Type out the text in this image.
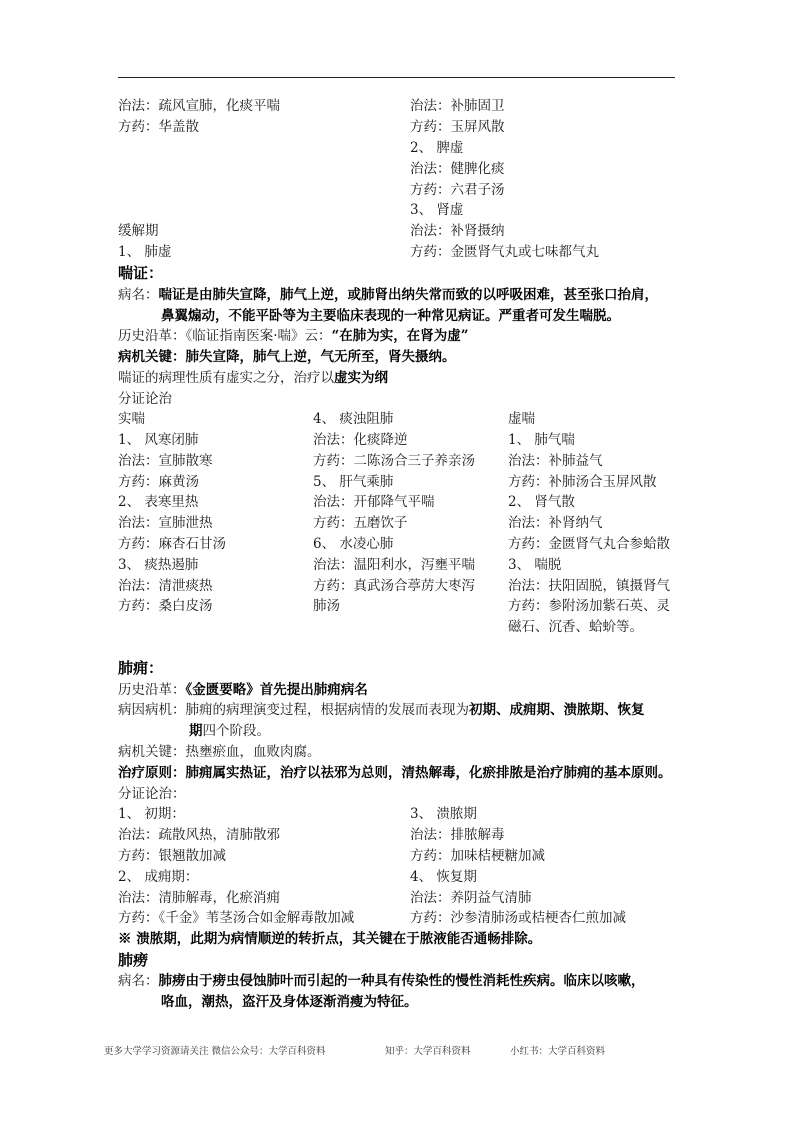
治法：疏风宣肺，化痰平喘
方药：华盖散
缓解期
1、 肺虚
治法：补肺固卫
方药：玉屏风散
2、 脾虚
治法：健脾化痰
方药：六君子汤
3、 肾虚
治法：补肾摄纳
方药：金匮肾气丸或七味都气丸
喘证：
病名：喘证是由肺失宣降，肺气上逆，或肺肾出纳失常而致的以呼吸困难，甚至张口抬肩，
鼻翼煽动，不能平卧等为主要临床表现的一种常见病证。严重者可发生喘脱。
历史沿革：《临证指南医案·喘》云：“在肺为实，在肾为虚”
病机关键：肺失宣降，肺气上逆，气无所至，肾失摄纳。
喘证的病理性质有虚实之分，治疗以虚实为纲
分证论治
实喘
1、 风寒闭肺
治法：宣肺散寒
方药：麻黄汤
2、 表寒里热
治法：宣肺泄热
方药：麻杏石甘汤
3、 痰热遏肺
治法：清泄痰热
方药：桑白皮汤
4、 痰浊阻肺
治法：化痰降逆
方药：二陈汤合三子养亲汤
5、 肝气乘肺
治法：开郁降气平喘
方药：五磨饮子
6、 水凌心肺
治法：温阳利水，泻壅平喘
方药：真武汤合葶苈大枣泻
肺汤
虚喘
1、 肺气喘
治法：补肺益气
方药：补肺汤合玉屏风散
2、 肾气散
治法：补肾纳气
方药：金匮肾气丸合参蛤散
3、 喘脱
治法：扶阳固脱，镇摄肾气
方药：参附汤加紫石英、灵
磁石、沉香、蛤蚧等。
肺痈：
历史沿革：《金匮要略》首先提出肺痈病名
病因病机：肺痈的病理演变过程，根据病情的发展而表现为初期、成痈期、溃脓期、恢复
期四个阶段。
病机关键：热壅瘀血，血败肉腐。
治疗原则：肺痈属实热证，治疗以祛邪为总则，清热解毒，化瘀排脓是治疗肺痈的基本原则。
分证论治：
1、 初期：
治法：疏散风热，清肺散邪
方药：银翘散加减
2、 成痈期：
治法：清肺解毒，化瘀消痈
方药：《千金》苇茎汤合如金解毒散加减
3、 溃脓期
治法：排脓解毒
方药：加味桔梗糖加减
4、 恢复期
治法：养阴益气清肺
方药：沙参清肺汤或桔梗杏仁煎加减
※ 溃脓期，此期为病情顺逆的转折点，其关键在于脓液能否通畅排除。
肺痨
病名：肺痨由于痨虫侵蚀肺叶而引起的一种具有传染性的慢性消耗性疾病。临床以咳嗽，
咯血，潮热，盗汗及身体逐渐消瘦为特征。
更多大学学习资源请关注 微信公众号：大学百科资料	知乎：大学百科资料	小红书：大学百科资料
